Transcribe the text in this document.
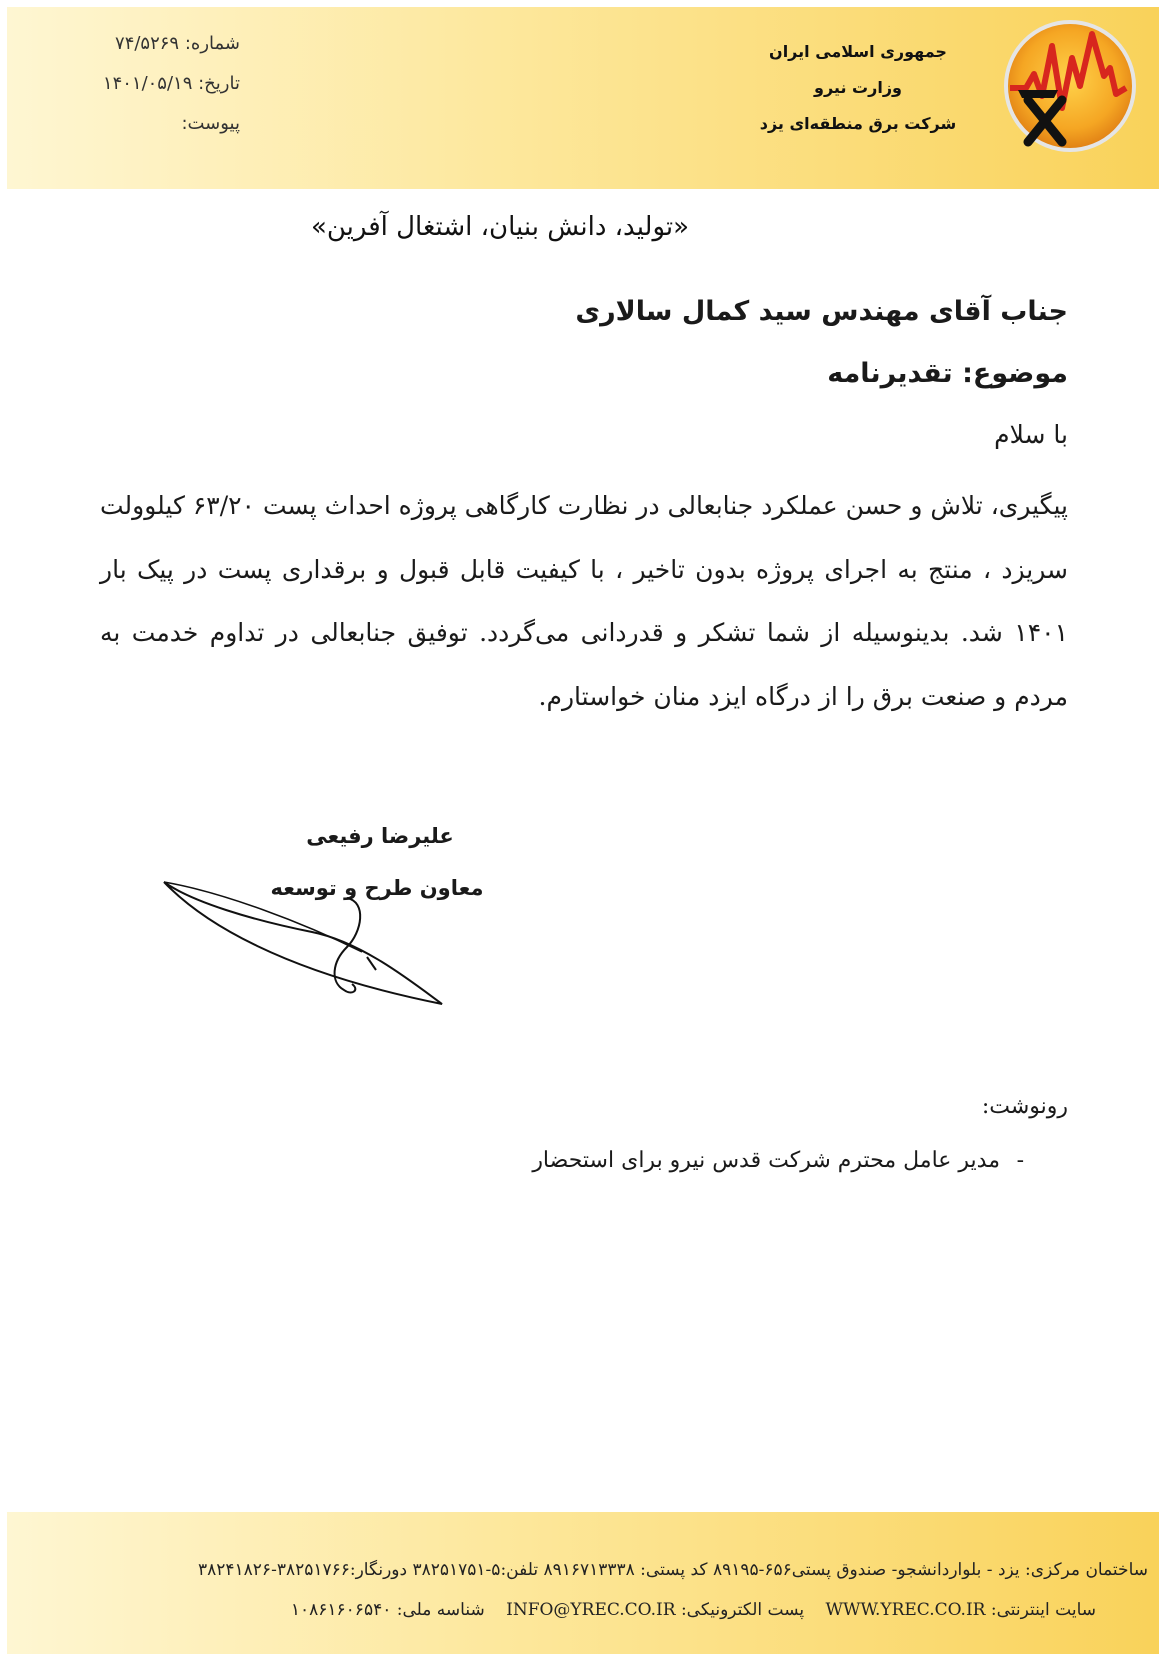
جمهوری اسلامی ایران
وزارت نیرو
شرکت برق منطقه‌ای یزد
شماره: ۷۴/۵۲۶۹
تاریخ: ۱۴۰۱/۰۵/۱۹
پیوست:
«تولید، دانش بنیان، اشتغال آفرین»
جناب آقای مهندس سید کمال سالاری
موضوع: تقدیرنامه
با سلام
پیگیری، تلاش و حسن عملکرد جنابعالی در نظارت کارگاهی پروژه احداث پست ۶۳/۲۰ کیلوولت سریزد ، منتج به اجرای پروژه بدون تاخیر ، با کیفیت قابل قبول و برقداری پست در پیک بار ۱۴۰۱ شد. بدینوسیله از شما تشکر و قدردانی می‌گردد. توفیق جنابعالی در تداوم خدمت به مردم و صنعت برق را از درگاه ایزد منان خواستارم.
علیرضا رفیعی
معاون طرح و توسعه
رونوشت:
-
مدیر عامل محترم شرکت قدس نیرو برای استحضار
ساختمان مرکزی: یزد - بلوارد‌انشجو- صندوق پستی۶۵۶-۸۹۱۹۵ کد پستی: ۸۹۱۶۷۱۳۳۳۸ تلفن:۵-۳۸۲۵۱۷۵۱ دورنگار:۳۸۲۵۱۷۶۶-۳۸۲۴۱۸۲۶
سایت اینترنتی: WWW.YREC.CO.IR پست الکترونیکی: INFO@YREC.CO.IR شناسه ملی: ۱۰۸۶۱۶۰۶۵۴۰
